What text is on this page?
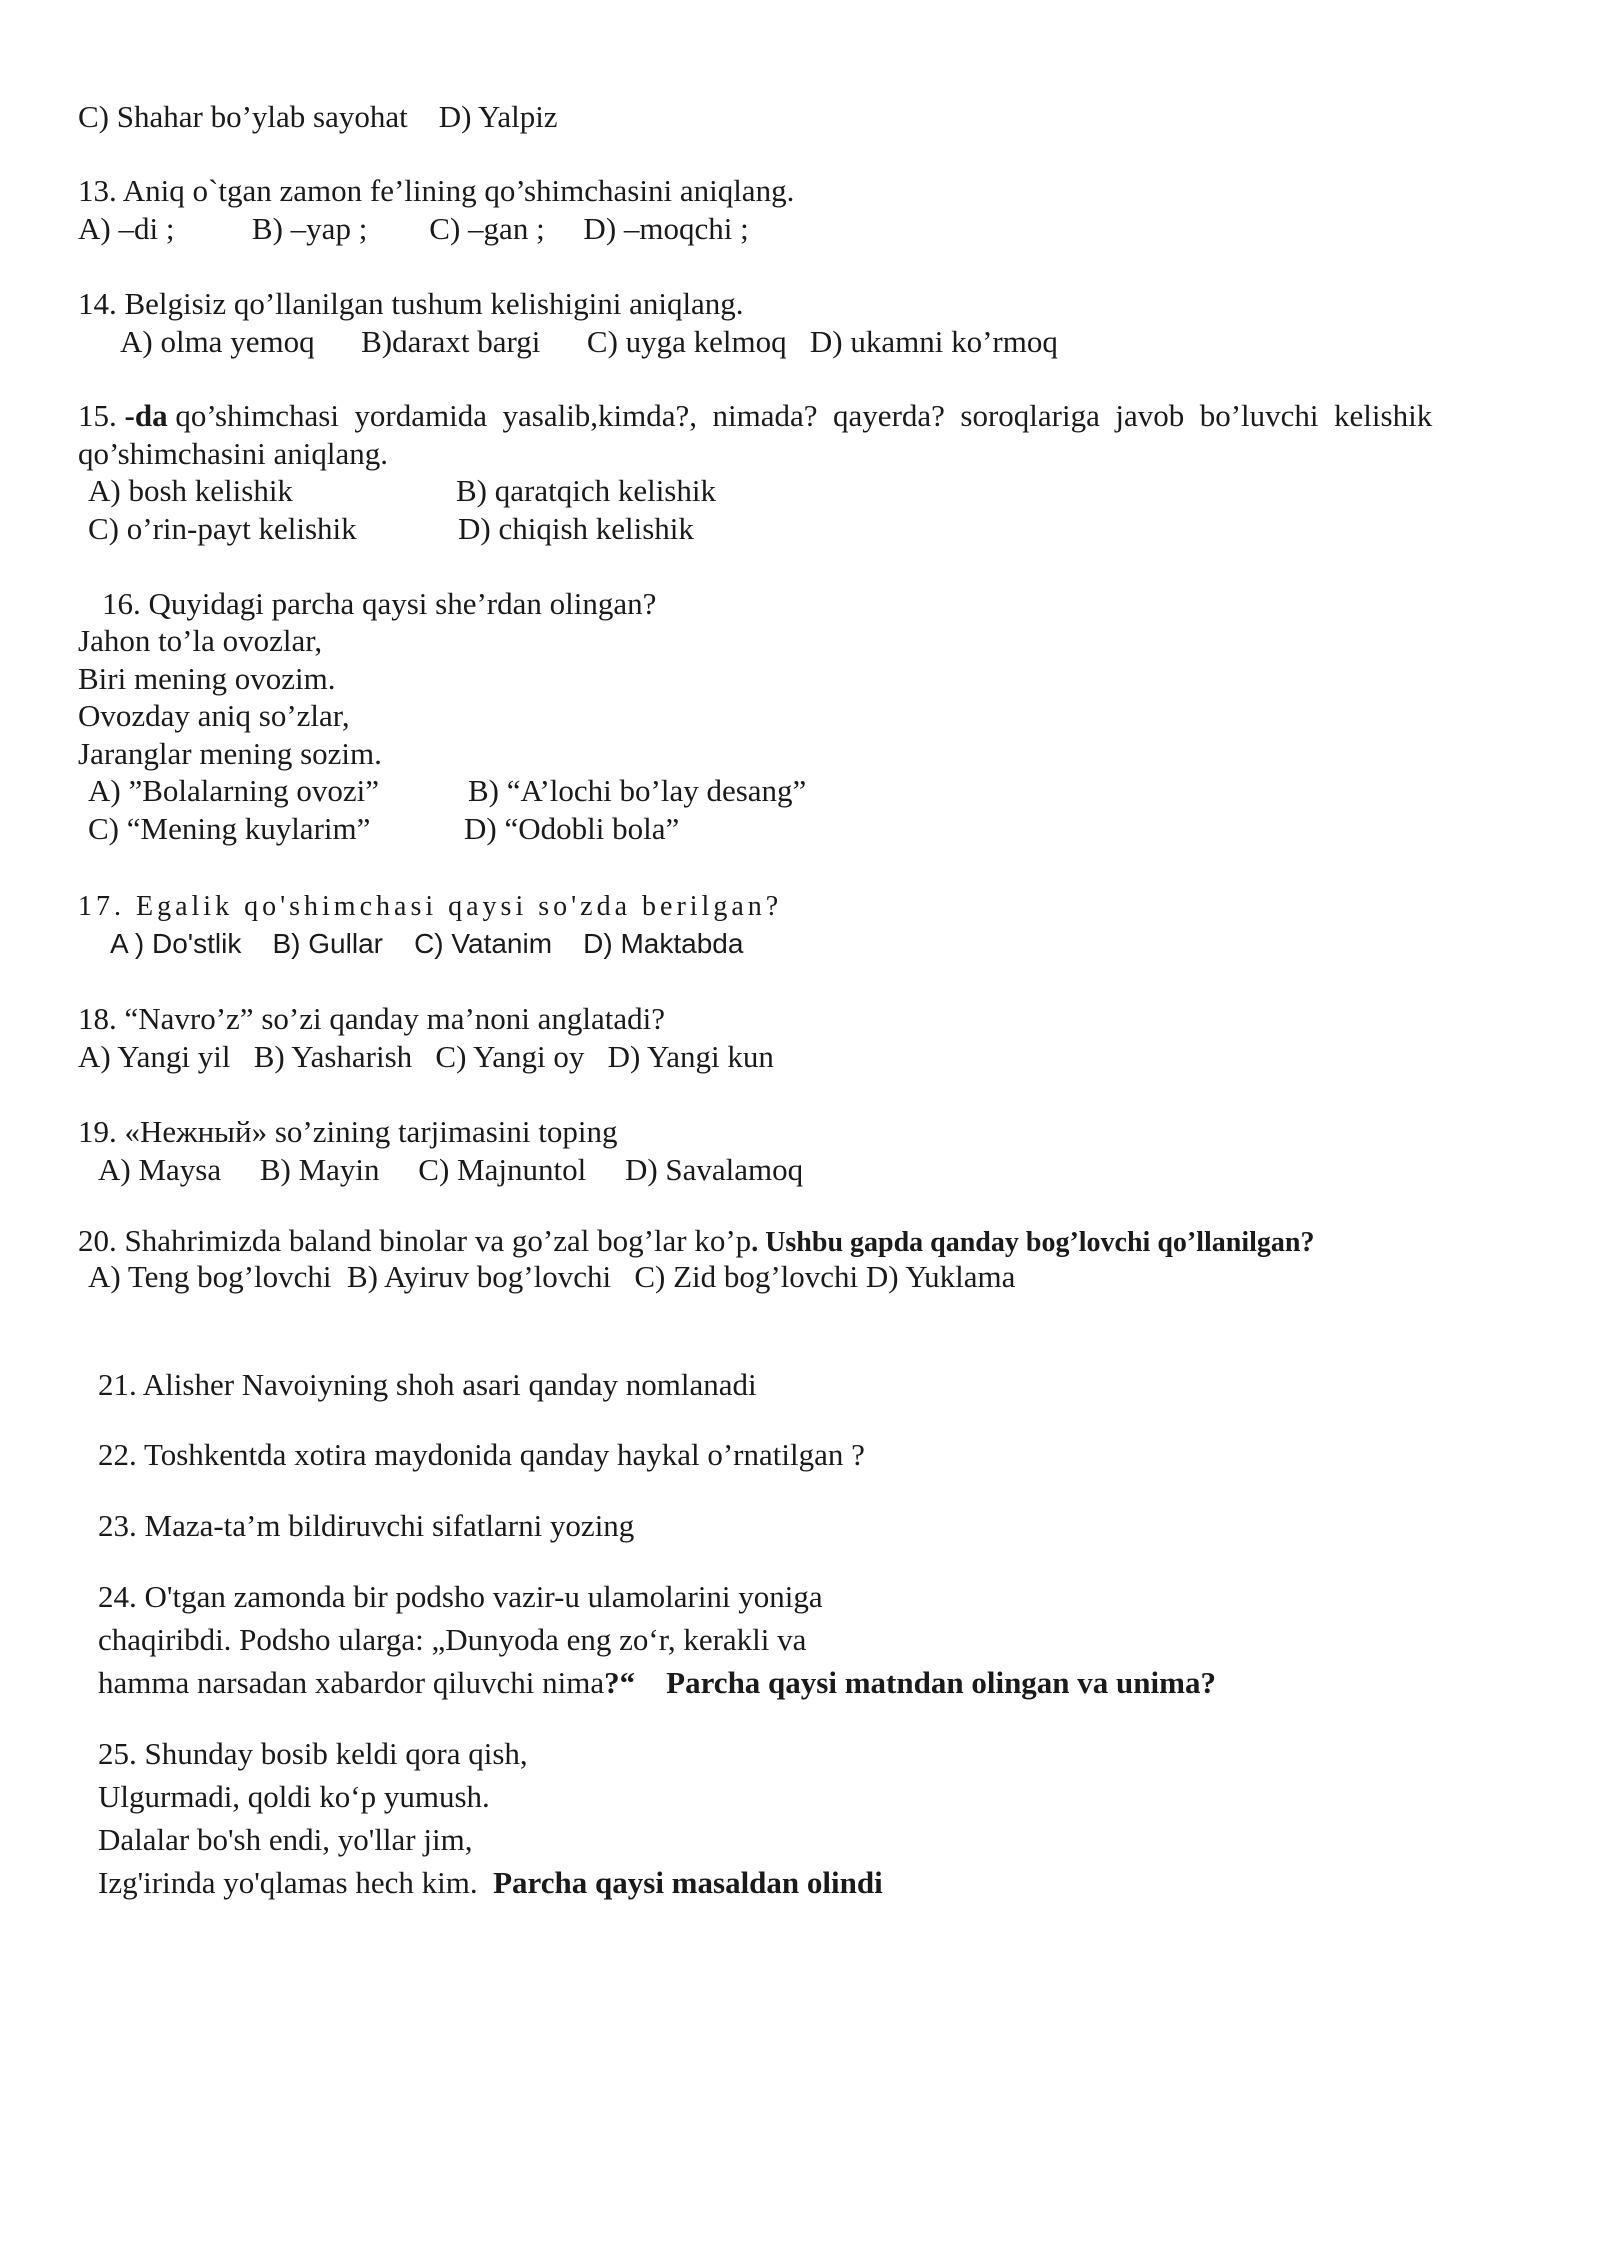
C) Shahar bo’ylab sayohat    D) Yalpiz

13. Aniq o`tgan zamon fe’lining qo’shimchasini aniqlang.

A) –di ;          B) –yap ;        C) –gan ;     D) –moqchi ;

14. Belgisiz qo’llanilgan tushum kelishigini aniqlang.

A) olma yemoq      B)daraxt bargi      C) uyga kelmoq   D) ukamni ko’rmoq

15. -da qo’shimchasi  yordamida  yasalib,kimda?,  nimada?  qayerda?  soroqlariga  javob  bo’luvchi  kelishik

qo’shimchasini aniqlang.

A) bosh kelishik	B) qaratqich kelishik

C) o’rin-payt kelishik	D) chiqish kelishik

16. Quyidagi parcha qaysi she’rdan olingan?

Jahon to’la ovozlar,

Biri mening ovozim.

Ovozday aniq so’zlar,

Jaranglar mening sozim.

A) ”Bolalarning ovozi”	B) “A’lochi bo’lay desang”

C) “Mening kuylarim”	D) “Odobli bola”

17. Egalik qo'shimchasi qaysi so'zda berilgan?

A ) Do'stlik    B) Gullar    C) Vatanim    D) Maktabda

18. “Navro’z” so’zi qanday ma’noni anglatadi?

A) Yangi yil   B) Yasharish   C) Yangi oy   D) Yangi kun

19. «Нежный» so’zining tarjimasini toping

A) Maysa     B) Mayin     C) Majnuntol     D) Savalamoq

20. Shahrimizda baland binolar va go’zal bog’lar ko’p. Ushbu gapda qanday bog’lovchi qo’llanilgan?

A) Teng bog’lovchi  B) Ayiruv bog’lovchi   C) Zid bog’lovchi D) Yuklama

21. Alisher Navoiyning shoh asari qanday nomlanadi

22. Toshkentda xotira maydonida qanday haykal o’rnatilgan ?

23. Maza-ta’m bildiruvchi sifatlarni yozing

24. O'tgan zamonda bir podsho vazir-u ulamolarini yoniga

chaqiribdi. Podsho ularga: „Dunyoda eng zo‘r, kerakli va

hamma narsadan xabardor qiluvchi nima?“    Parcha qaysi matndan olingan va unima?

25. Shunday bosib keldi qora qish,

Ulgurmadi, qoldi ko‘p yumush.

Dalalar bo'sh endi, yo'llar jim,

Izg'irinda yo'qlamas hech kim.  Parcha qaysi masaldan olindi
